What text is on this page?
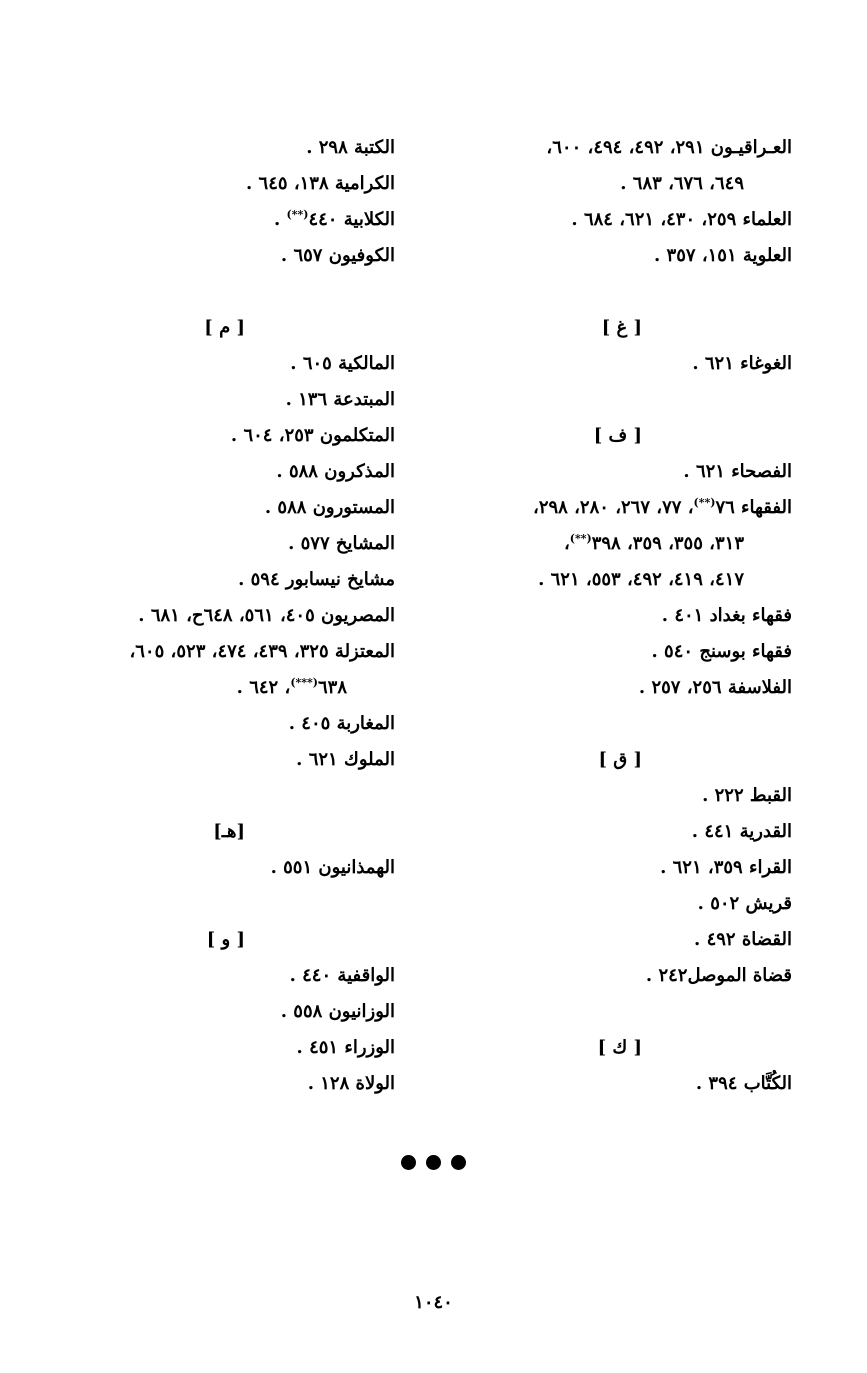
العـراقيـون ٢٩١، ٤٩٢، ٤٩٤، ٦٠٠،
٦٤٩، ٦٧٦، ٦٨٣ .
العلماء ٢٥٩، ٤٣٠، ٦٢١، ٦٨٤ .
العلوية ١٥١، ٣٥٧ .
[ غ ]
الغوغاء ٦٢١ .
[ ف ]
الفصحاء ٦٢١ .
الفقهاء ٧٦(**)، ٧٧، ٢٦٧، ٢٨٠، ٢٩٨،
٣١٣، ٣٥٥، ٣٥٩، ٣٩٨(**)،
٤١٧، ٤١٩، ٤٩٢، ٥٥٣، ٦٢١ .
فقهاء بغداد ٤٠١ .
فقهاء بوسنج ٥٤٠ .
الفلاسفة ٢٥٦، ٢٥٧ .
[ ق ]
القبط ٢٢٢ .
القدرية ٤٤١ .
القراء ٣٥٩، ٦٢١ .
قريش ٥٠٢ .
القضاة ٤٩٢ .
قضاة الموصل٢٤٢ .
[ ك ]
الكُتَّاب ٣٩٤ .
الكتبة ٢٩٨ .
الكرامية ١٣٨، ٦٤٥ .
الكلابية ٤٤٠(**) .
الكوفيون ٦٥٧ .
[ م ]
المالكية ٦٠٥ .
المبتدعة ١٣٦ .
المتكلمون ٢٥٣، ٦٠٤ .
المذكرون ٥٨٨ .
المستورون ٥٨٨ .
المشايخ ٥٧٧ .
مشايخ نيسابور ٥٩٤ .
المصريون ٤٠٥، ٥٦١، ٦٤٨ح، ٦٨١ .
المعتزلة ٣٢٥، ٤٣٩، ٤٧٤، ٥٢٣، ٦٠٥،
٦٣٨(***)، ٦٤٢ .
المغاربة ٤٠٥ .
الملوك ٦٢١ .
[هـ]
الهمذانيون ٥٥١ .
[ و ]
الواقفية ٤٤٠ .
الوزانيون ٥٥٨ .
الوزراء ٤٥١ .
الولاة ١٢٨ .
١٠٤٠
